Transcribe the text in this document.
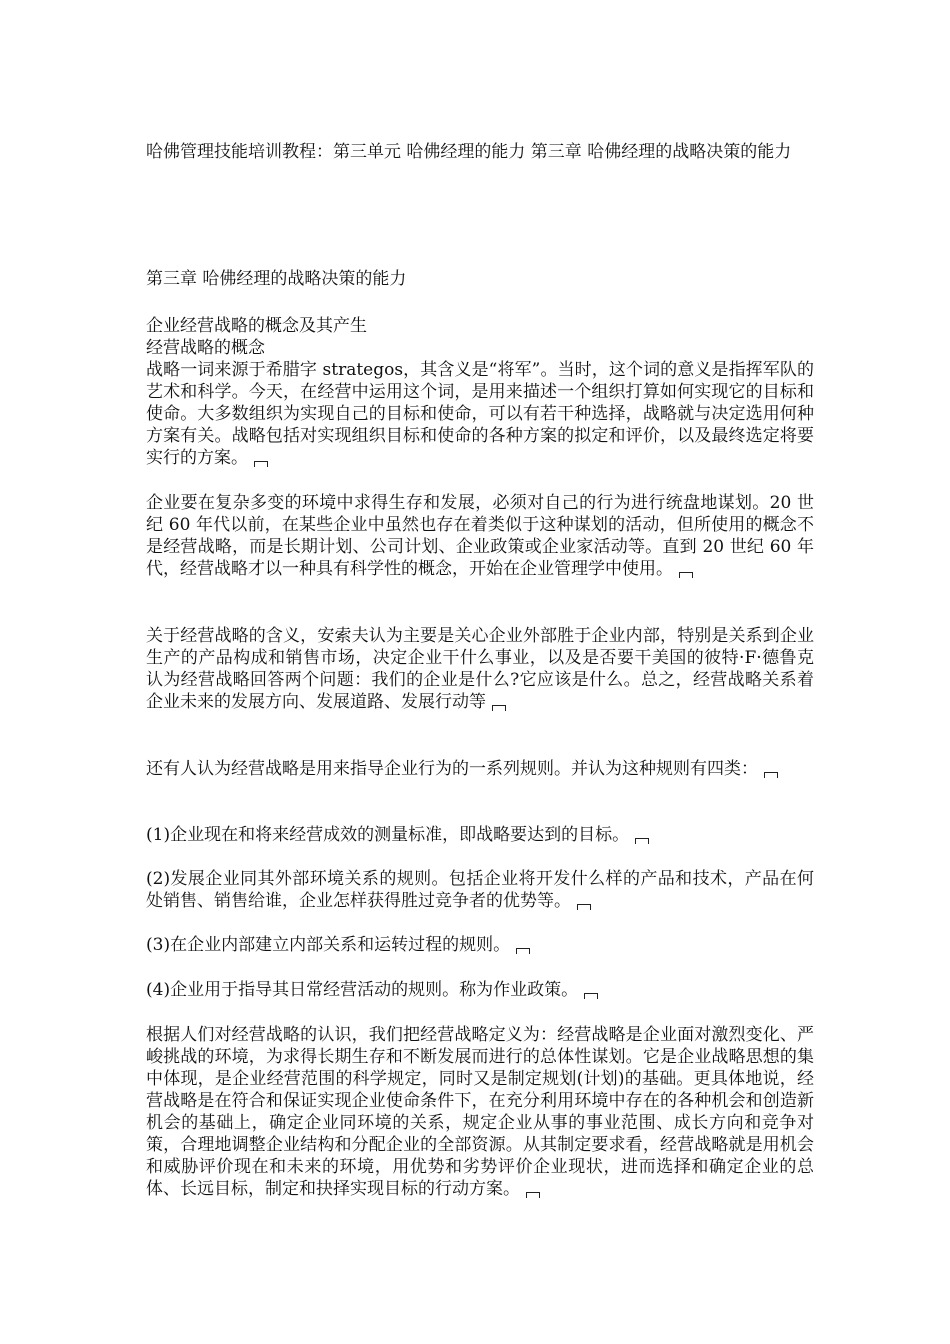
哈佛管理技能培训教程：第三单元 哈佛经理的能力 第三章 哈佛经理的战略决策的能力
第三章 哈佛经理的战略决策的能力
企业经营战略的概念及其产生
经营战略的概念

战略一词来源于希腊字 strategos，其含义是“将军”。当时，这个词的意义是指挥军队的艺术和科学。今天，在经营中运用这个词，是用来描述一个组织打算如何实现它的目标和使命。大多数组织为实现自己的目标和使命，可以有若干种选择，战略就与决定选用何种方案有关。战略包括对实现组织目标和使命的各种方案的拟定和评价，以及最终选定将要实行的方案。

企业要在复杂多变的环境中求得生存和发展，必须对自己的行为进行统盘地谋划。20 世纪 60 年代以前，在某些企业中虽然也存在着类似于这种谋划的活动，但所使用的概念不是经营战略，而是长期计划、公司计划、企业政策或企业家活动等。直到 20 世纪 60 年代，经营战略才以一种具有科学性的概念，开始在企业管理学中使用。

关于经营战略的含义，安索夫认为主要是关心企业外部胜于企业内部，特别是关系到企业生产的产品构成和销售市场，决定企业干什么事业，以及是否要干美国的彼特·F·德鲁克认为经营战略回答两个问题：我们的企业是什么?它应该是什么。总之，经营战略关系着企业未来的发展方向、发展道路、发展行动等

还有人认为经营战略是用来指导企业行为的一系列规则。并认为这种规则有四类：

(1)企业现在和将来经营成效的测量标准，即战略要达到的目标。

(2)发展企业同其外部环境关系的规则。包括企业将开发什么样的产品和技术，产品在何处销售、销售给谁，企业怎样获得胜过竞争者的优势等。

(3)在企业内部建立内部关系和运转过程的规则。

(4)企业用于指导其日常经营活动的规则。称为作业政策。

根据人们对经营战略的认识，我们把经营战略定义为：经营战略是企业面对激烈变化、严峻挑战的环境，为求得长期生存和不断发展而进行的总体性谋划。它是企业战略思想的集中体现，是企业经营范围的科学规定，同时又是制定规划(计划)的基础。更具体地说，经营战略是在符合和保证实现企业使命条件下，在充分利用环境中存在的各种机会和创造新机会的基础上，确定企业同环境的关系，规定企业从事的事业范围、成长方向和竞争对策，合理地调整企业结构和分配企业的全部资源。从其制定要求看，经营战略就是用机会和威胁评价现在和未来的环境，用优势和劣势评价企业现状，进而选择和确定企业的总体、长远目标，制定和抉择实现目标的行动方案。
